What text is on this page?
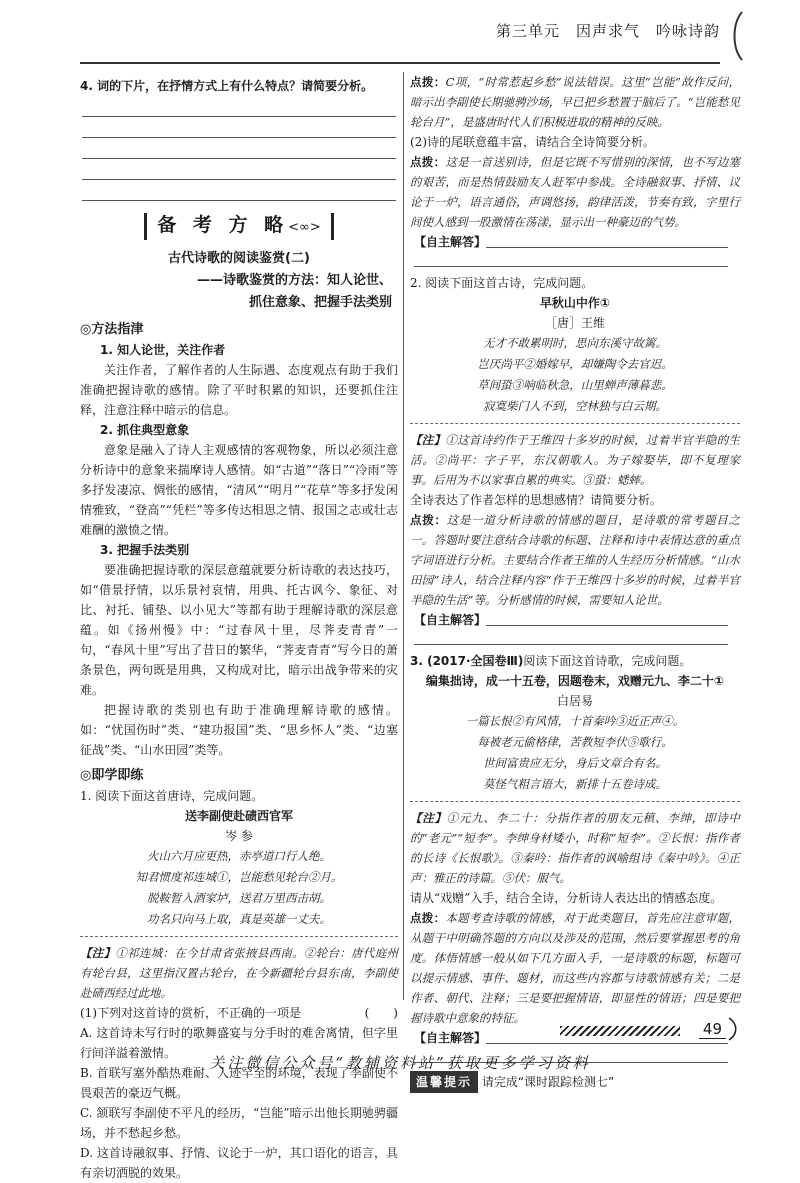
第三单元　因声求气　吟咏诗韵

4. 词的下片，在抒情方式上有什么特点？请简要分析。

备 考 方 略<∞>

古代诗歌的阅读鉴赏(二)

——诗歌鉴赏的方法：知人论世、

抓住意象、把握手法类别

◎方法指津

1. 知人论世，关注作者

关注作者，了解作者的人生际遇、态度观点有助于我们准确把握诗歌的感情。除了平时积累的知识，还要抓住注释，注意注释中暗示的信息。

2. 抓住典型意象

意象是融入了诗人主观感情的客观物象，所以必须注意分析诗中的意象来揣摩诗人感情。如“古道”“落日”“冷雨”等多抒发凄凉、惆怅的感情，“清风”“明月”“花草”等多抒发闲情雅致，“登高”“凭栏”等多传达相思之情、报国之志或壮志难酬的激愤之情。

3. 把握手法类别

要准确把握诗歌的深层意蕴就要分析诗歌的表达技巧，如“借景抒情，以乐景衬哀情，用典、托古讽今、象征、对比、衬托、铺垫、以小见大”等都有助于理解诗歌的深层意蕴。如《扬州慢》中：“过春风十里，尽荠麦青青”一句，“春风十里”写出了昔日的繁华，“荠麦青青”写今日的萧条景色，两句既是用典，又构成对比，暗示出战争带来的灾难。

把握诗歌的类别也有助于准确理解诗歌的感情。如：“忧国伤时”类、“建功报国”类、“思乡怀人”类、“边塞征战”类、“山水田园”类等。

◎即学即练

1. 阅读下面这首唐诗，完成问题。

送李副使赴碛西官军

岑 参

火山六月应更热，赤亭道口行人绝。

知君惯度祁连城①，岂能愁见轮台②月。

脱鞍暂入酒家垆，送君万里西击胡。

功名只向马上取，真是英雄一丈夫。

【注】①祁连城：在今甘肃省张掖县西南。②轮台：唐代庭州有轮台县，这里指汉置古轮台，在今新疆轮台县东南，李副使赴碛西经过此地。

(1)下列对这首诗的赏析，不正确的一项是	(　　)

A. 这首诗未写行时的歌舞盛宴与分手时的难舍离情，但字里行间洋溢着激情。

B. 首联写塞外酷热难耐、人迹罕至的环境，表现了李副使不畏艰苦的豪迈气概。

C. 颔联写李副使不平凡的经历，“岂能”暗示出他长期驰骋疆场，并不愁起乡愁。

D. 这首诗融叙事、抒情、议论于一炉，其口语化的语言，具有亲切洒脱的效果。

点拨：C项，“时常惹起乡愁”说法错误。这里“岂能”故作反问，暗示出李副使长期驰骋沙场，早已把乡愁置于脑后了。“岂能愁见轮台月”，是盛唐时代人们积极进取的精神的反映。

(2)诗的尾联意蕴丰富，请结合全诗简要分析。

点拨：这是一首送别诗，但是它既不写惜别的深情，也不写边塞的艰苦，而是热情鼓励友人赶军中参战。全诗融叙事、抒情、议论于一炉，语言通俗，声调悠扬，韵律活泼，节奏有致，字里行间使人感到一股激情在荡漾，显示出一种豪迈的气势。

【自主解答】

2. 阅读下面这首古诗，完成问题。

早秋山中作①

［唐］王维

无才不敢累明时，思向东溪守故篱。

岂厌尚平②婚嫁早，却嫌陶令去官迟。

草间蛩③响临秋急，山里蝉声薄暮悲。

寂寞柴门人不到，空林独与白云期。

【注】①这首诗约作于王维四十多岁的时候，过着半官半隐的生活。②尚平：字子平，东汉朝歌人。为子嫁娶毕，即不复理家事。后用为不以家事自累的典实。③蛩：蟋蟀。

全诗表达了作者怎样的思想感情？请简要分析。

点拨：这是一道分析诗歌的情感的题目，是诗歌的常考题目之一。答题时要注意结合诗歌的标题、注释和诗中表情达意的重点字词语进行分析。主要结合作者王维的人生经历分析情感。“山水田园”诗人，结合注释内容“作于王维四十多岁的时候，过着半官半隐的生活”等。分析感情的时候，需要知人论世。

【自主解答】

3. (2017·全国卷Ⅲ)阅读下面这首诗歌，完成问题。

编集拙诗，成一十五卷，因题卷末，戏赠元九、李二十①

白居易

一篇长恨②有风情，十首秦吟③近正声④。

每被老元偷格律，苦教短李伏⑤歌行。

世间富贵应无分，身后文章合有名。

莫怪气粗言语大，新排十五卷诗成。

【注】①元九、李二十：分指作者的朋友元稹、李绅，即诗中的“老元”“短李”。李绅身材矮小，时称“短李”。②长恨：指作者的长诗《长恨歌》。③秦吟：指作者的讽喻组诗《秦中吟》。④正声：雅正的诗篇。⑤伏：服气。

请从“戏赠”入手，结合全诗，分析诗人表达出的情感态度。

点拨：本题考查诗歌的情感，对于此类题目，首先应注意审题，从题干中明确答题的方向以及涉及的范围，然后要掌握思考的角度。体悟情感一般从如下几方面入手，一是诗歌的标题，标题可以提示情感、事件、题材，而这些内容都与诗歌情感有关；二是作者、朝代、注释；三是要把握情语，即显性的情语；四是要把握诗歌中意象的特征。

【自主解答】

温馨提示 请完成“课时跟踪检测七”
49
关注微信公众号“教辅资料站”获取更多学习资料
